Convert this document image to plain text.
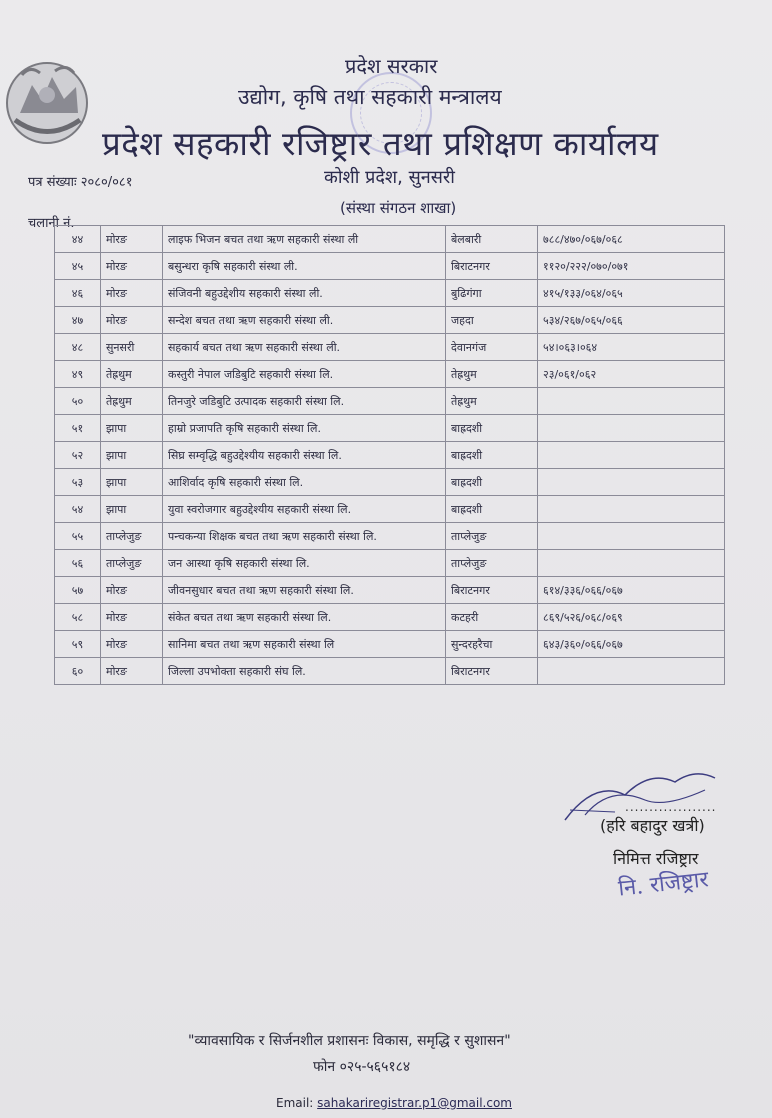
प्रदेश सरकार
उद्योग, कृषि तथा सहकारी मन्त्रालय
प्रदेश सहकारी रजिष्ट्रार तथा प्रशिक्षण कार्यालय
कोशी प्रदेश, सुनसरी
(संस्था संगठन शाखा)
पत्र संख्याः २०८०/०८१
चलानी नं.
४४	मोरङ	लाइफ भिजन बचत तथा ऋण सहकारी संस्था ली	बेलबारी	७८८/४७०/०६७/०६८
४५	मोरङ	बसुन्धरा कृषि सहकारी संस्था ली.	बिराटनगर	११२०/२२२/०७०/०७१
४६	मोरङ	संजिवनी बहुउद्देशीय सहकारी संस्था ली.	बुढिगंगा	४१५/१३३/०६४/०६५
४७	मोरङ	सन्देश बचत तथा ऋण सहकारी संस्था ली.	जहदा	५३४/२६७/०६५/०६६
४८	सुनसरी	सहकार्य बचत तथा ऋण सहकारी संस्था ली.	देवानगंज	५४।०६३।०६४
४९	तेह्रथुम	कस्तुरी नेपाल जडिबुटि सहकारी संस्था लि.	तेह्रथुम	२३/०६१/०६२
५०	तेह्रथुम	तिनजुरे जडिबुटि उत्पादक सहकारी संस्था लि.	तेह्रथुम	
५१	झापा	हाम्रो प्रजापति कृषि सहकारी संस्था लि.	बाह्रदशी	
५२	झापा	सिघ्र सम्वृद्धि बहुउद्देश्यीय सहकारी संस्था लि.	बाह्रदशी	
५३	झापा	आशिर्वाद कृषि सहकारी संस्था लि.	बाह्रदशी	
५४	झापा	युवा स्वरोजगार बहुउद्देश्यीय सहकारी संस्था लि.	बाह्रदशी	
५५	ताप्लेजुङ	पन्चकन्या शिक्षक बचत तथा ऋण सहकारी संस्था लि.	ताप्लेजुङ	
५६	ताप्लेजुङ	जन आस्था कृषि सहकारी संस्था लि.	ताप्लेजुङ	
५७	मोरङ	जीवनसुधार बचत तथा ऋण सहकारी संस्था लि.	बिराटनगर	६१४/३३६/०६६/०६७
५८	मोरङ	संकेत बचत तथा ऋण सहकारी संस्था लि.	कटहरी	८६९/५२६/०६८/०६९
५९	मोरङ	सानिमा बचत तथा ऋण सहकारी संस्था लि	सुन्दरहरैचा	६४३/३६०/०६६/०६७
६०	मोरङ	जिल्ला उपभोक्ता सहकारी संघ लि.	बिराटनगर	
...................
(हरि बहादुर खत्री)
निमित्त रजिष्ट्रार
नि. रजिष्ट्रार
"व्यावसायिक र सिर्जनशील प्रशासनः विकास, समृद्धि र सुशासन"
फोन ०२५-५६५१८४
Email: sahakariregistrar.p1@gmail.com
